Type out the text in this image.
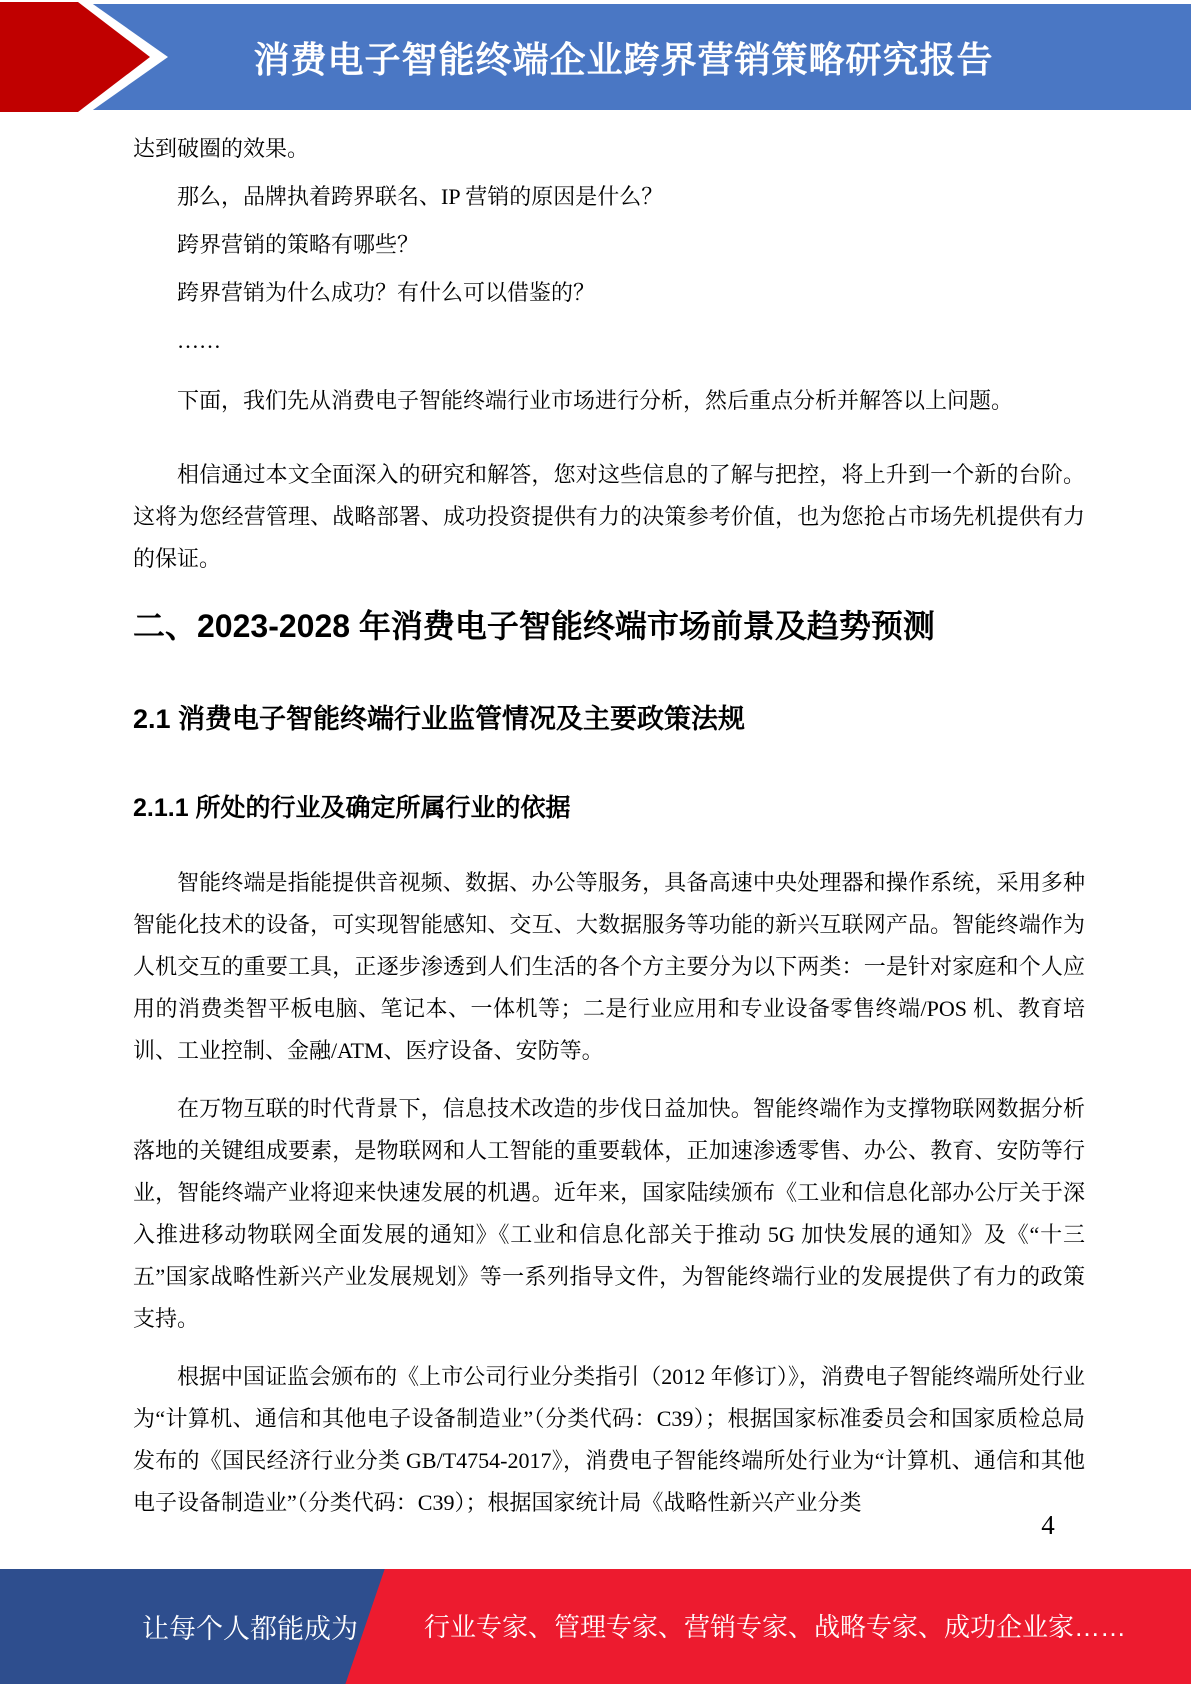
消费电子智能终端企业跨界营销策略研究报告

达到破圈的效果。

那么，品牌执着跨界联名、IP 营销的原因是什么？

跨界营销的策略有哪些？

跨界营销为什么成功？有什么可以借鉴的？

……

下面，我们先从消费电子智能终端行业市场进行分析，然后重点分析并解答以上问题。

相信通过本文全面深入的研究和解答，您对这些信息的了解与把控，将上升到一个新的台阶。这将为您经营管理、战略部署、成功投资提供有力的决策参考价值，也为您抢占市场先机提供有力的保证。

二、2023-2028 年消费电子智能终端市场前景及趋势预测
2.1 消费电子智能终端行业监管情况及主要政策法规
2.1.1 所处的行业及确定所属行业的依据

智能终端是指能提供音视频、数据、办公等服务，具备高速中央处理器和操作系统，采用多种智能化技术的设备，可实现智能感知、交互、大数据服务等功能的新兴互联网产品。智能终端作为人机交互的重要工具，正逐步渗透到人们生活的各个方主要分为以下两类：一是针对家庭和个人应用的消费类智平板电脑、笔记本、一体机等；二是行业应用和专业设备零售终端/POS 机、教育培训、工业控制、金融/ATM、医疗设备、安防等。

在万物互联的时代背景下，信息技术改造的步伐日益加快。智能终端作为支撑物联网数据分析落地的关键组成要素，是物联网和人工智能的重要载体，正加速渗透零售、办公、教育、安防等行业，智能终端产业将迎来快速发展的机遇。近年来，国家陆续颁布《工业和信息化部办公厅关于深入推进移动物联网全面发展的通知》《工业和信息化部关于推动 5G 加快发展的通知》及《“十三五”国家战略性新兴产业发展规划》等一系列指导文件，为智能终端行业的发展提供了有力的政策支持。

根据中国证监会颁布的《上市公司行业分类指引（2012 年修订）》，消费电子智能终端所处行业为“计算机、通信和其他电子设备制造业”（分类代码：C39）；根据国家标准委员会和国家质检总局发布的《国民经济行业分类 GB/T4754-2017》，消费电子智能终端所处行业为“计算机、通信和其他电子设备制造业”（分类代码：C39）；根据国家统计局《战略性新兴产业分类

4
让每个人都能成为	行业专家、管理专家、营销专家、战略专家、成功企业家……
